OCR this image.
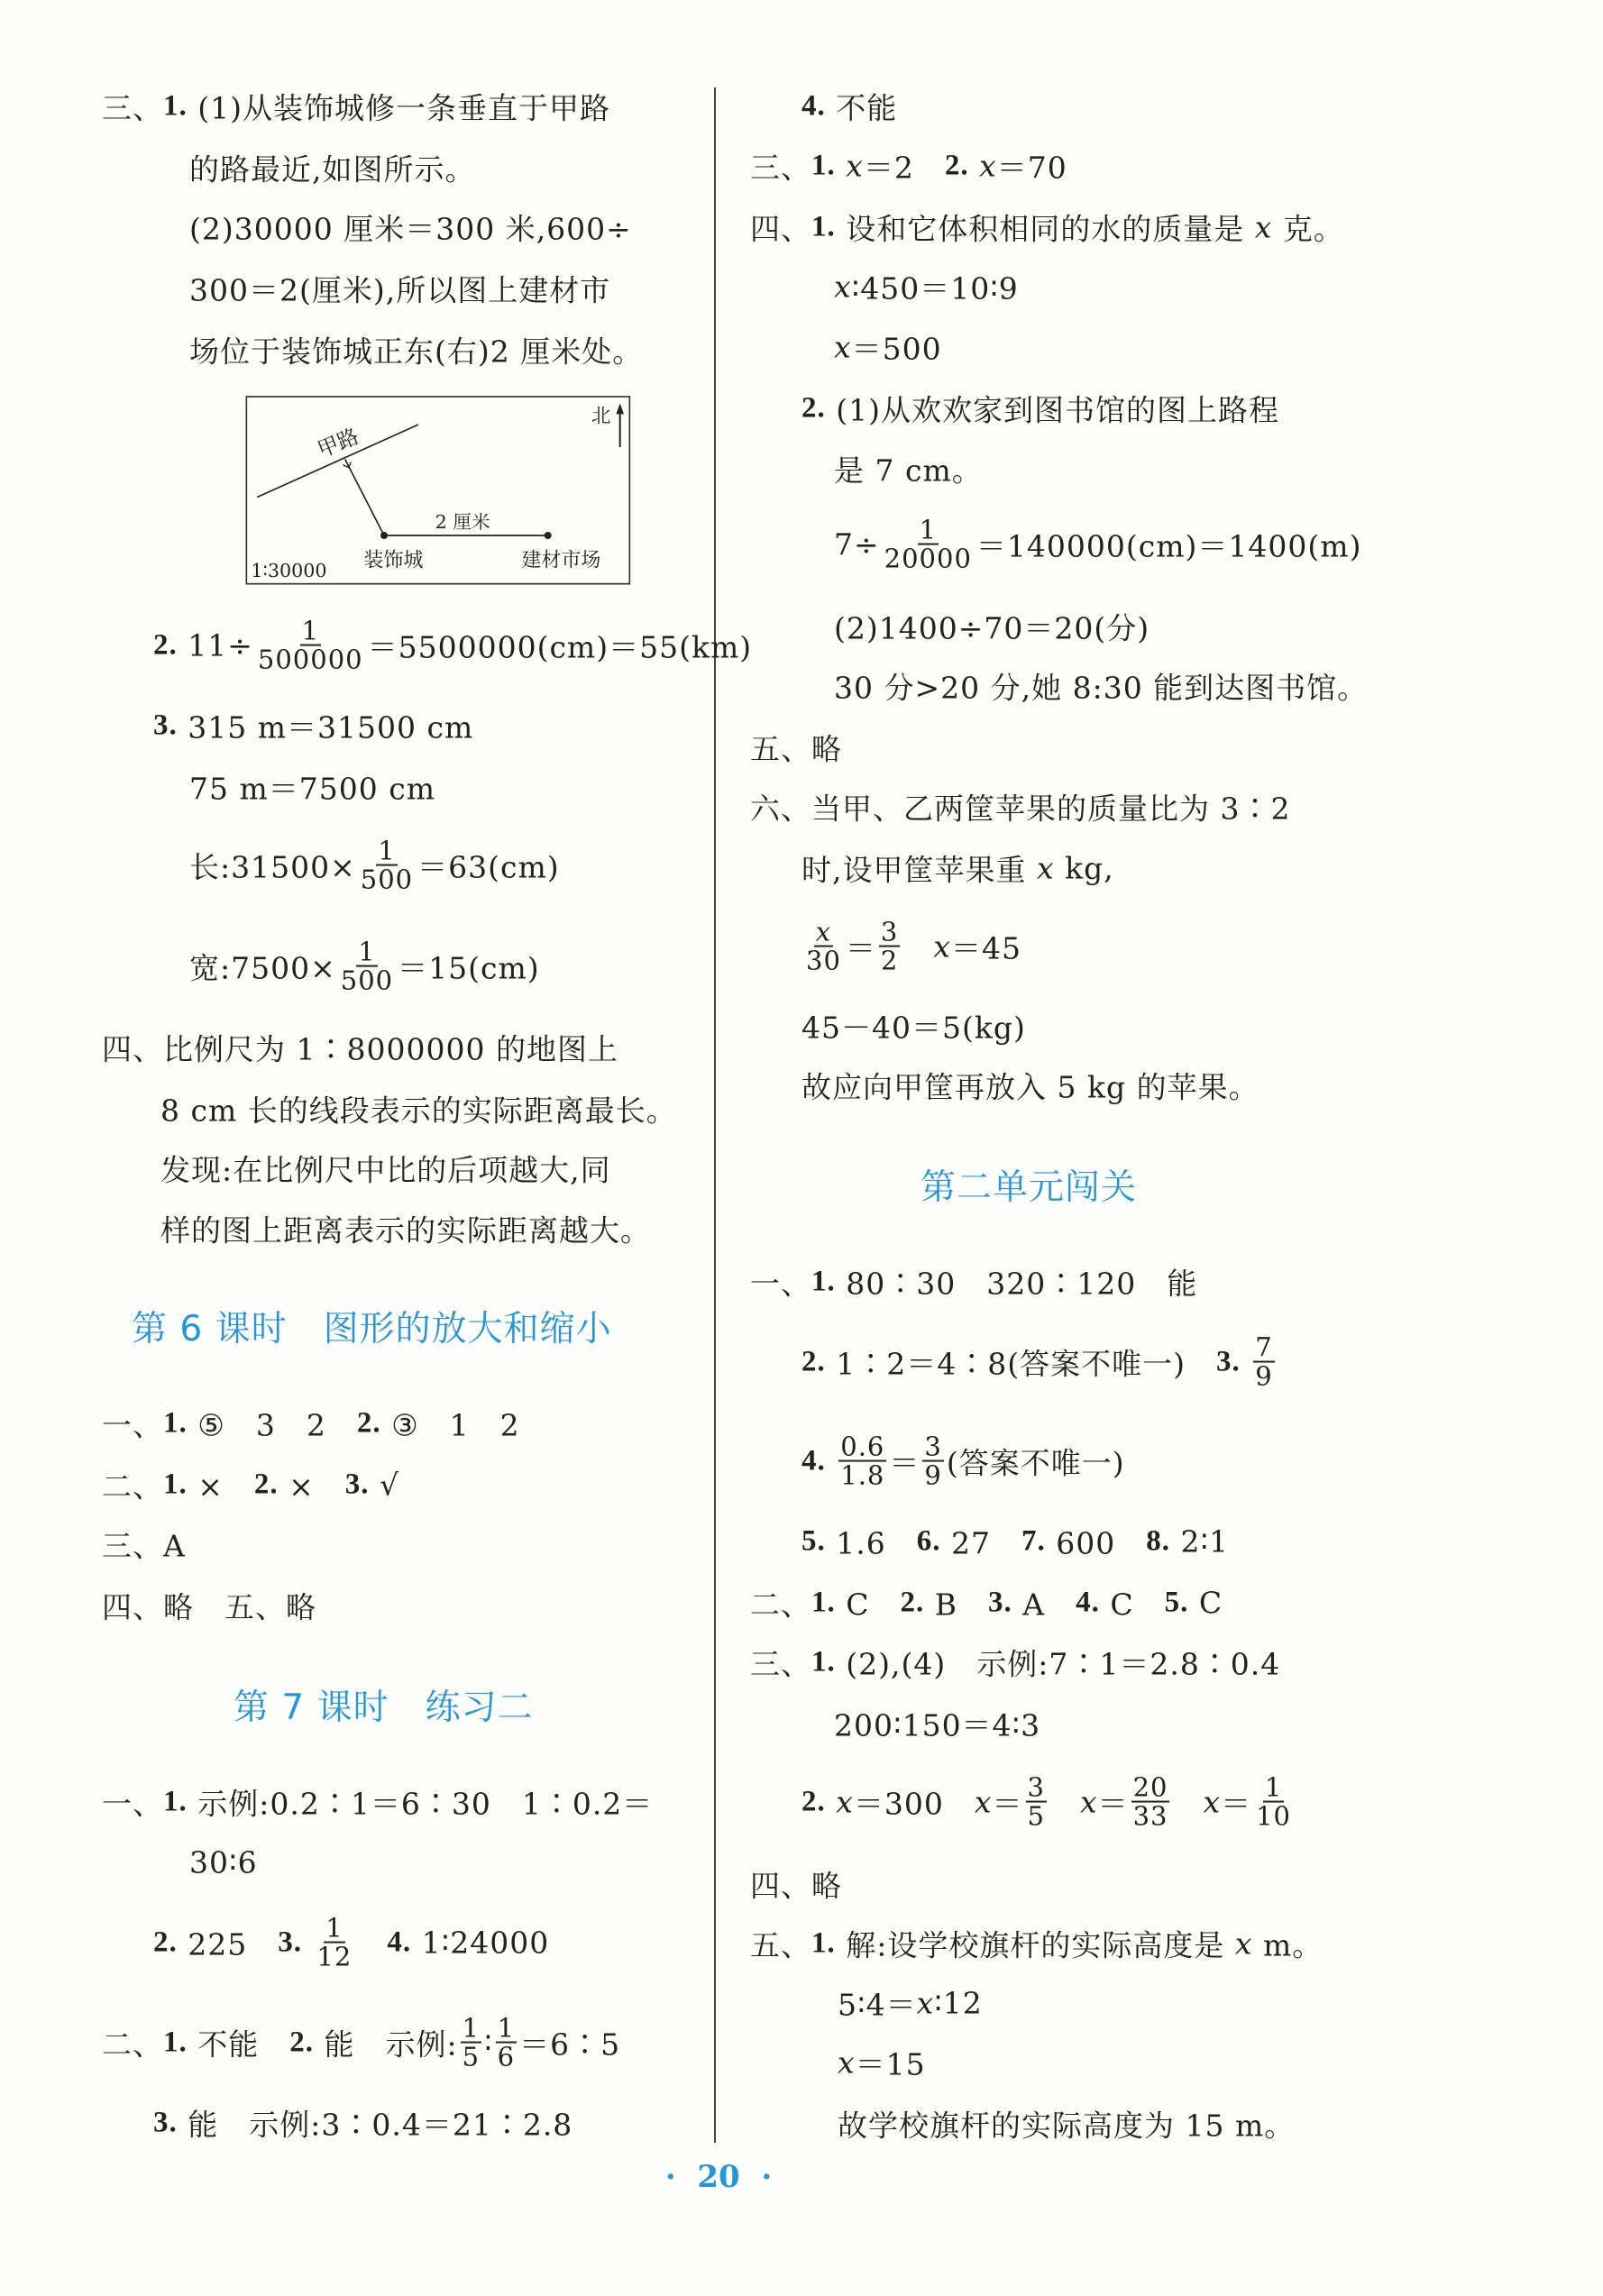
三、 1. (1)从装饰城修一条垂直于甲路
的路最近,如图所示。
(2)30000 厘米＝300 米,600÷
300＝2(厘米),所以图上建材市
场位于装饰城正东(右)2 厘米处。
2. $11\div \frac{1}{500000} =5500000(cm)=55(km)$
3. 315 m＝31500 cm
75 m＝7500 cm
长:31500× $\frac{1}{500} =63(cm)$
宽:7500× $\frac{1}{500} =15(cm)$
四、比例尺为 1∶8000000 的地图上
8 cm 长的线段表示的实际距离最长。
发现:在比例尺中比的后项越大,同
样的图上距离表示的实际距离越大。
一、 1. ⑤　3　2　 2. ③　1　2
二、 1. ×　 2. ×　 3. √
三、A
四、略　五、略
一、 1. 示例:0.2∶1＝6∶30　1∶0.2＝
30∶6
2. 225　 3.
$\frac{1}{12}$
　 4. 1∶24000
二、 1. 不能　 2. 能　示例: $\frac{1}{5}$ ∶ $\frac{1}{6}$ ＝6∶5
3. 能　示例:3∶0.4＝21∶2.8
4. 不能
三、 1.
x ＝2　 2.
x ＝70
四、 1. 设和它体积相同的水的质量是 x 克。
x ∶450＝10∶9
x ＝500
2. (1)从欢欢家到图书馆的图上路程
是 7 cm。
$7\div \frac{1}{20000} =140000(cm)=1400(m)$
(2)1400÷70＝20(分)
30 分>20 分,她 8:30 能到达图书馆。
五、略
六、当甲、乙两筐苹果的质量比为 3∶2
时,设甲筐苹果重 x kg,
$\frac{x}{30} = \frac{3}{2}$
　 x ＝45
45－40＝5(kg)
故应向甲筐再放入 5 kg 的苹果。
一、 1. 80∶30　320∶120　能
2. 1∶2＝4∶8(答案不唯一)　 3.
$\frac{7}{9}$
4.
$\frac{0.6}{1.8} = \frac{3}{9}$ (答案不唯一)
5. 1.6　 6. 27　 7. 600　 8. 2∶1
二、 1. C　 2. B　 3. A　 4. C　 5. C
三、 1. (2),(4)　示例:7∶1＝2.8∶0.4
200∶150＝4∶3
2.
x ＝300　 $x = \frac{3}{5}$
　 $x = \frac{20}{33}$
　 $x = \frac{1}{10}$
四、略
五、 1. 解:设学校旗杆的实际高度是 x m。
5∶4＝ x ∶12
x ＝15
故学校旗杆的实际高度为 15 m。
第 6 课时　图形的放大和缩小
第 7 课时　练习二
第二单元闯关
甲路
北
2 厘米
装饰城 建材市场
1∶30000
·  20  ·
